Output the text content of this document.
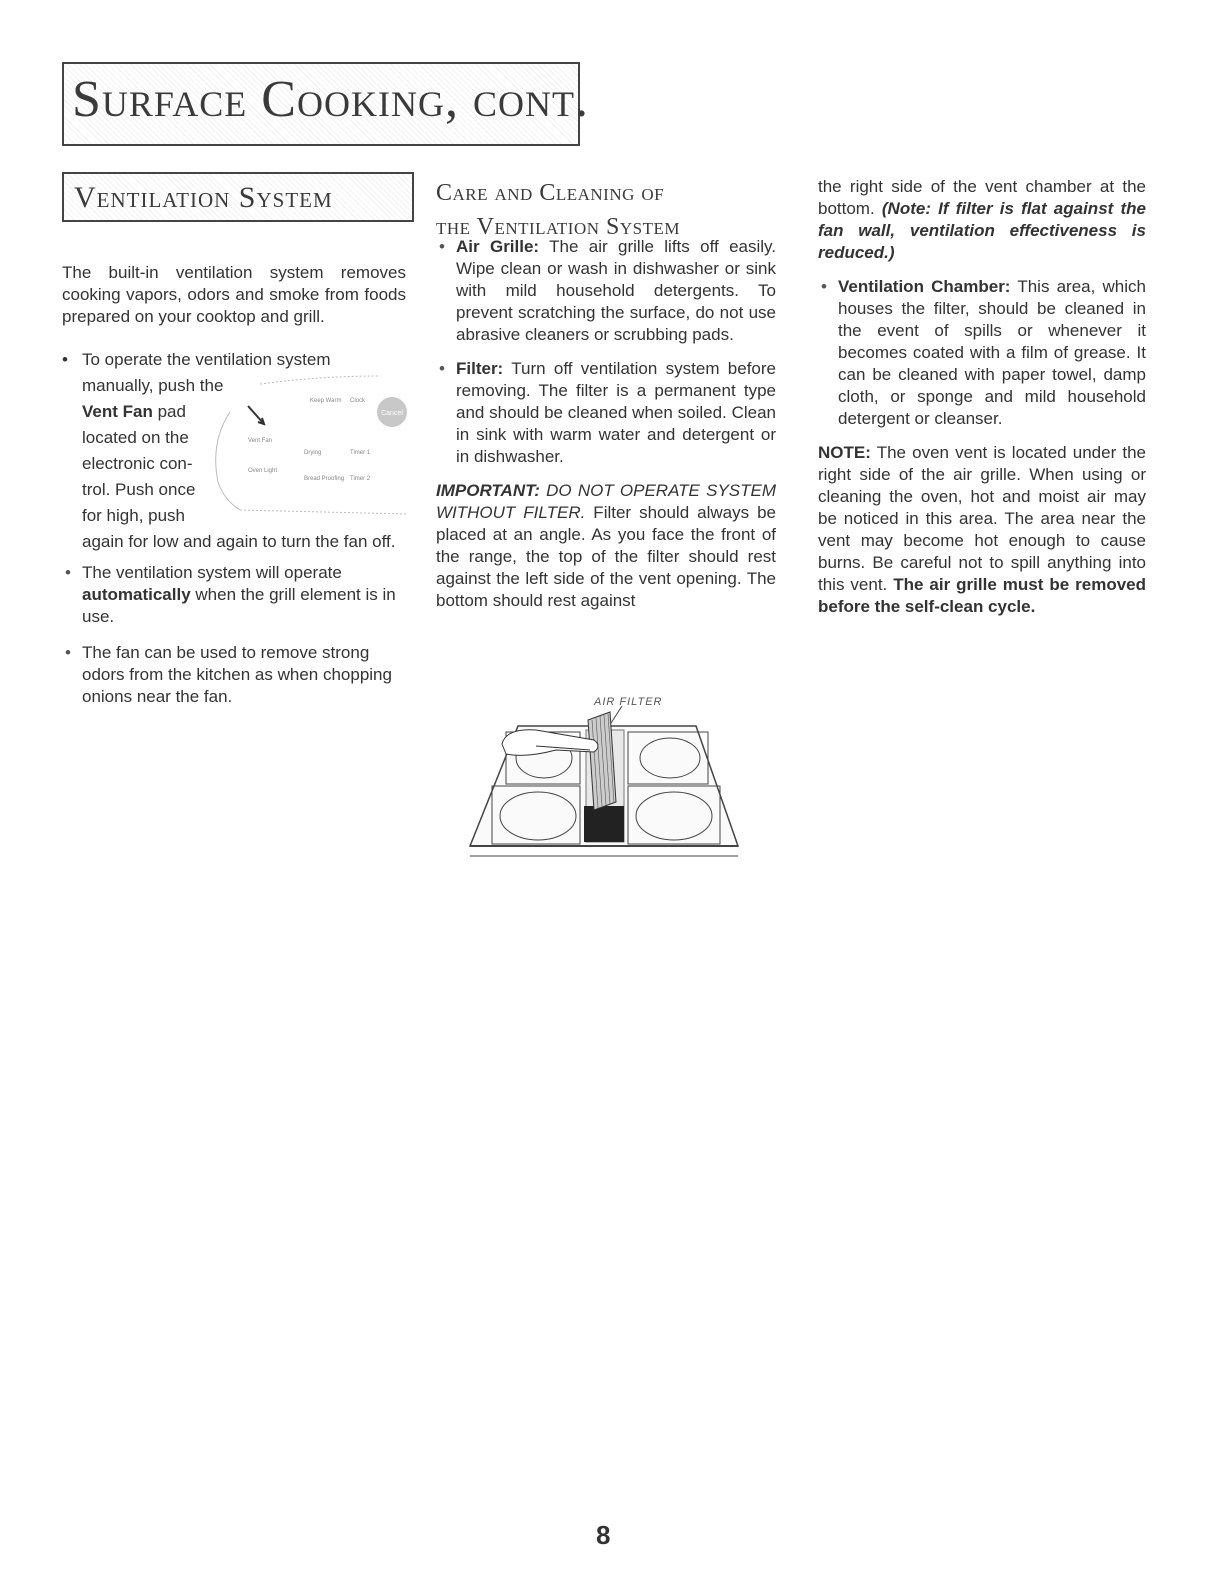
Surface Cooking, cont.
Ventilation System

The built-in ventilation system removes cooking vapors, odors and smoke from foods prepared on your cooktop and grill.

• To operate the ventilation system
manually, push the
Vent Fan pad
located on the
electronic con-
trol. Push once
for high, push
again for low and again to turn the fan off.
Cancel
Keep Warm Clock
Vent Fan
Drying	Timer 1
Oven Light
Bread Proofing Timer 2

• The ventilation system will operate automatically when the grill element is in use.

• The fan can be used to remove strong odors from the kitchen as when chopping onions near the fan.

Care and Cleaning of
the Ventilation System

• Air Grille: The air grille lifts off easily. Wipe clean or wash in dishwasher or sink with mild household detergents. To prevent scratching the surface, do not use abrasive cleaners or scrubbing pads.

• Filter: Turn off ventilation system before removing. The filter is a permanent type and should be cleaned when soiled. Clean in sink with warm water and detergent or in dishwasher.

IMPORTANT: DO NOT OPERATE SYSTEM WITHOUT FILTER. Filter should always be placed at an angle. As you face the front of the range, the top of the filter should rest against the left side of the vent opening. The bottom should rest against

AIR FILTER

the right side of the vent chamber at the bottom. (Note: If filter is flat against the fan wall, ventilation effectiveness is reduced.)

• Ventilation Chamber: This area, which houses the filter, should be cleaned in the event of spills or whenever it becomes coated with a film of grease. It can be cleaned with paper towel, damp cloth, or sponge and mild household detergent or cleanser.

NOTE: The oven vent is located under the right side of the air grille. When using or cleaning the oven, hot and moist air may be noticed in this area. The area near the vent may become hot enough to cause burns. Be careful not to spill anything into this vent. The air grille must be removed before the self-clean cycle.

8
